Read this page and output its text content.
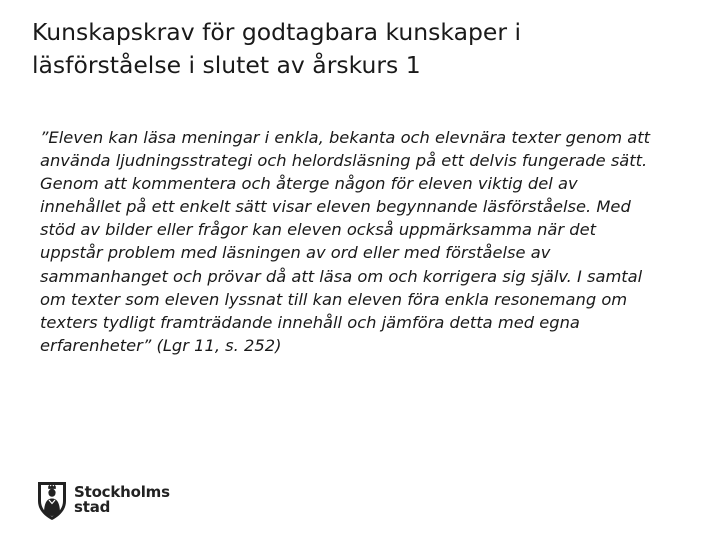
Kunskapskrav för godtagbara kunskaper i
läsförståelse i slutet av årskurs 1

”Eleven kan läsa meningar i enkla, bekanta och elevnära texter genom att
använda ljudningsstrategi och helordsläsning på ett delvis fungerade sätt.
Genom att kommentera och återge någon för eleven viktig del av
innehållet på ett enkelt sätt visar eleven begynnande läsförståelse. Med
stöd av bilder eller frågor kan eleven också uppmärksamma när det
uppstår problem med läsningen av ord eller med förståelse av
sammanhanget och prövar då att läsa om och korrigera sig själv. I samtal
om texter som eleven lyssnat till kan eleven föra enkla resonemang om
texters tydligt framträdande innehåll och jämföra detta med egna
erfarenheter” (Lgr 11, s. 252)

Stockholms
stad
